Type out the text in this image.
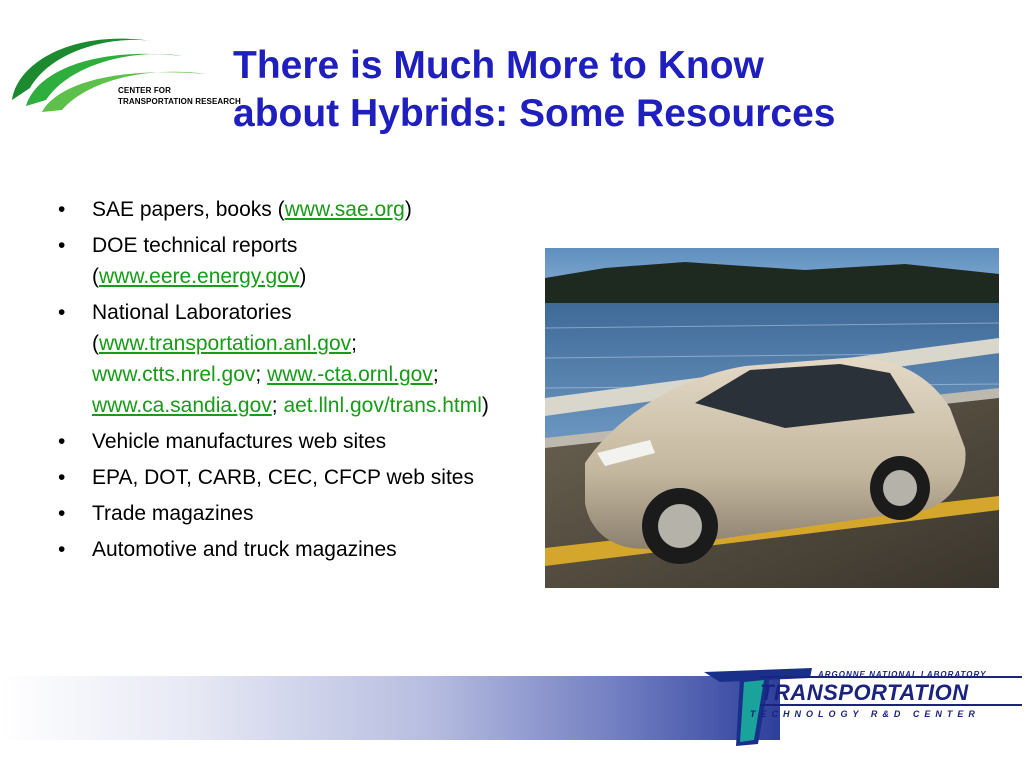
CENTER FOR
TRANSPORTATION RESEARCH
There is Much More to Know
about Hybrids: Some Resources
• SAE papers, books (www.sae.org)
• DOE technical reports (www.eere.energy.gov)
• National Laboratories (www.transportation.anl.gov; www.ctts.nrel.gov; www.-cta.ornl.gov; www.ca.sandia.gov; aet.llnl.gov/trans.html)
• Vehicle manufactures web sites
• EPA, DOT, CARB, CEC, CFCP web sites
• Trade magazines
• Automotive and truck magazines
ARGONNE NATIONAL LABORATORY
TRANSPORTATION
TECHNOLOGY R&D CENTER
